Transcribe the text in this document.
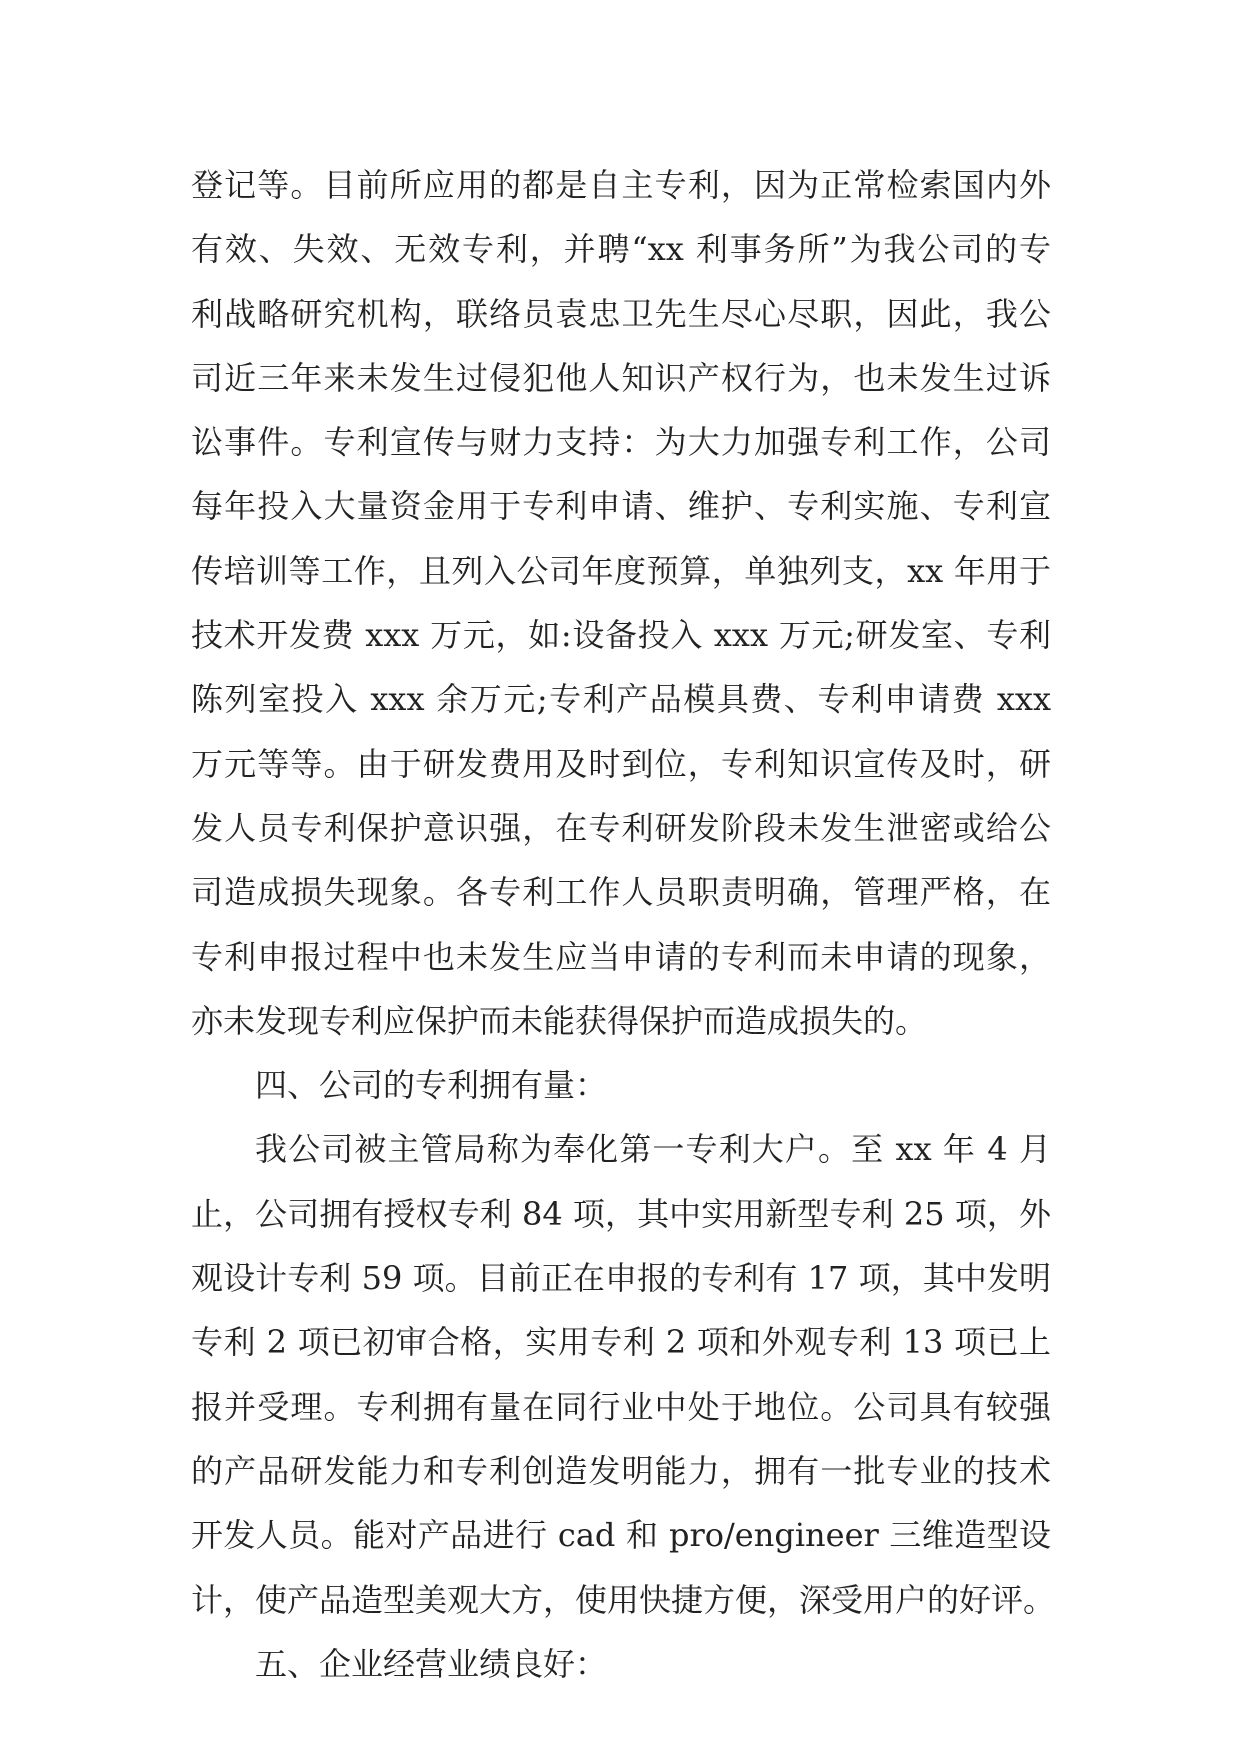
登记等。目前所应用的都是自主专利，因为正常检索国内外
有效、失效、无效专利，并聘“xx 利事务所”为我公司的专
利战略研究机构，联络员袁忠卫先生尽心尽职，因此，我公
司近三年来未发生过侵犯他人知识产权行为，也未发生过诉
讼事件。专利宣传与财力支持：为大力加强专利工作，公司
每年投入大量资金用于专利申请、维护、专利实施、专利宣
传培训等工作，且列入公司年度预算，单独列支，xx 年用于
技术开发费 xxx 万元，如:设备投入 xxx 万元;研发室、专利
陈列室投入 xxx 余万元;专利产品模具费、专利申请费 xxx
万元等等。由于研发费用及时到位，专利知识宣传及时，研
发人员专利保护意识强，在专利研发阶段未发生泄密或给公
司造成损失现象。各专利工作人员职责明确，管理严格，在
专利申报过程中也未发生应当申请的专利而未申请的现象，
亦未发现专利应保护而未能获得保护而造成损失的。
四、公司的专利拥有量：
我公司被主管局称为奉化第一专利大户。至 xx 年 4 月
止，公司拥有授权专利 84 项，其中实用新型专利 25 项，外
观设计专利 59 项。目前正在申报的专利有 17 项，其中发明
专利 2 项已初审合格，实用专利 2 项和外观专利 13 项已上
报并受理。专利拥有量在同行业中处于地位。公司具有较强
的产品研发能力和专利创造发明能力，拥有一批专业的技术
开发人员。能对产品进行 cad 和 pro/engineer 三维造型设
计，使产品造型美观大方，使用快捷方便，深受用户的好评。
五、企业经营业绩良好：
